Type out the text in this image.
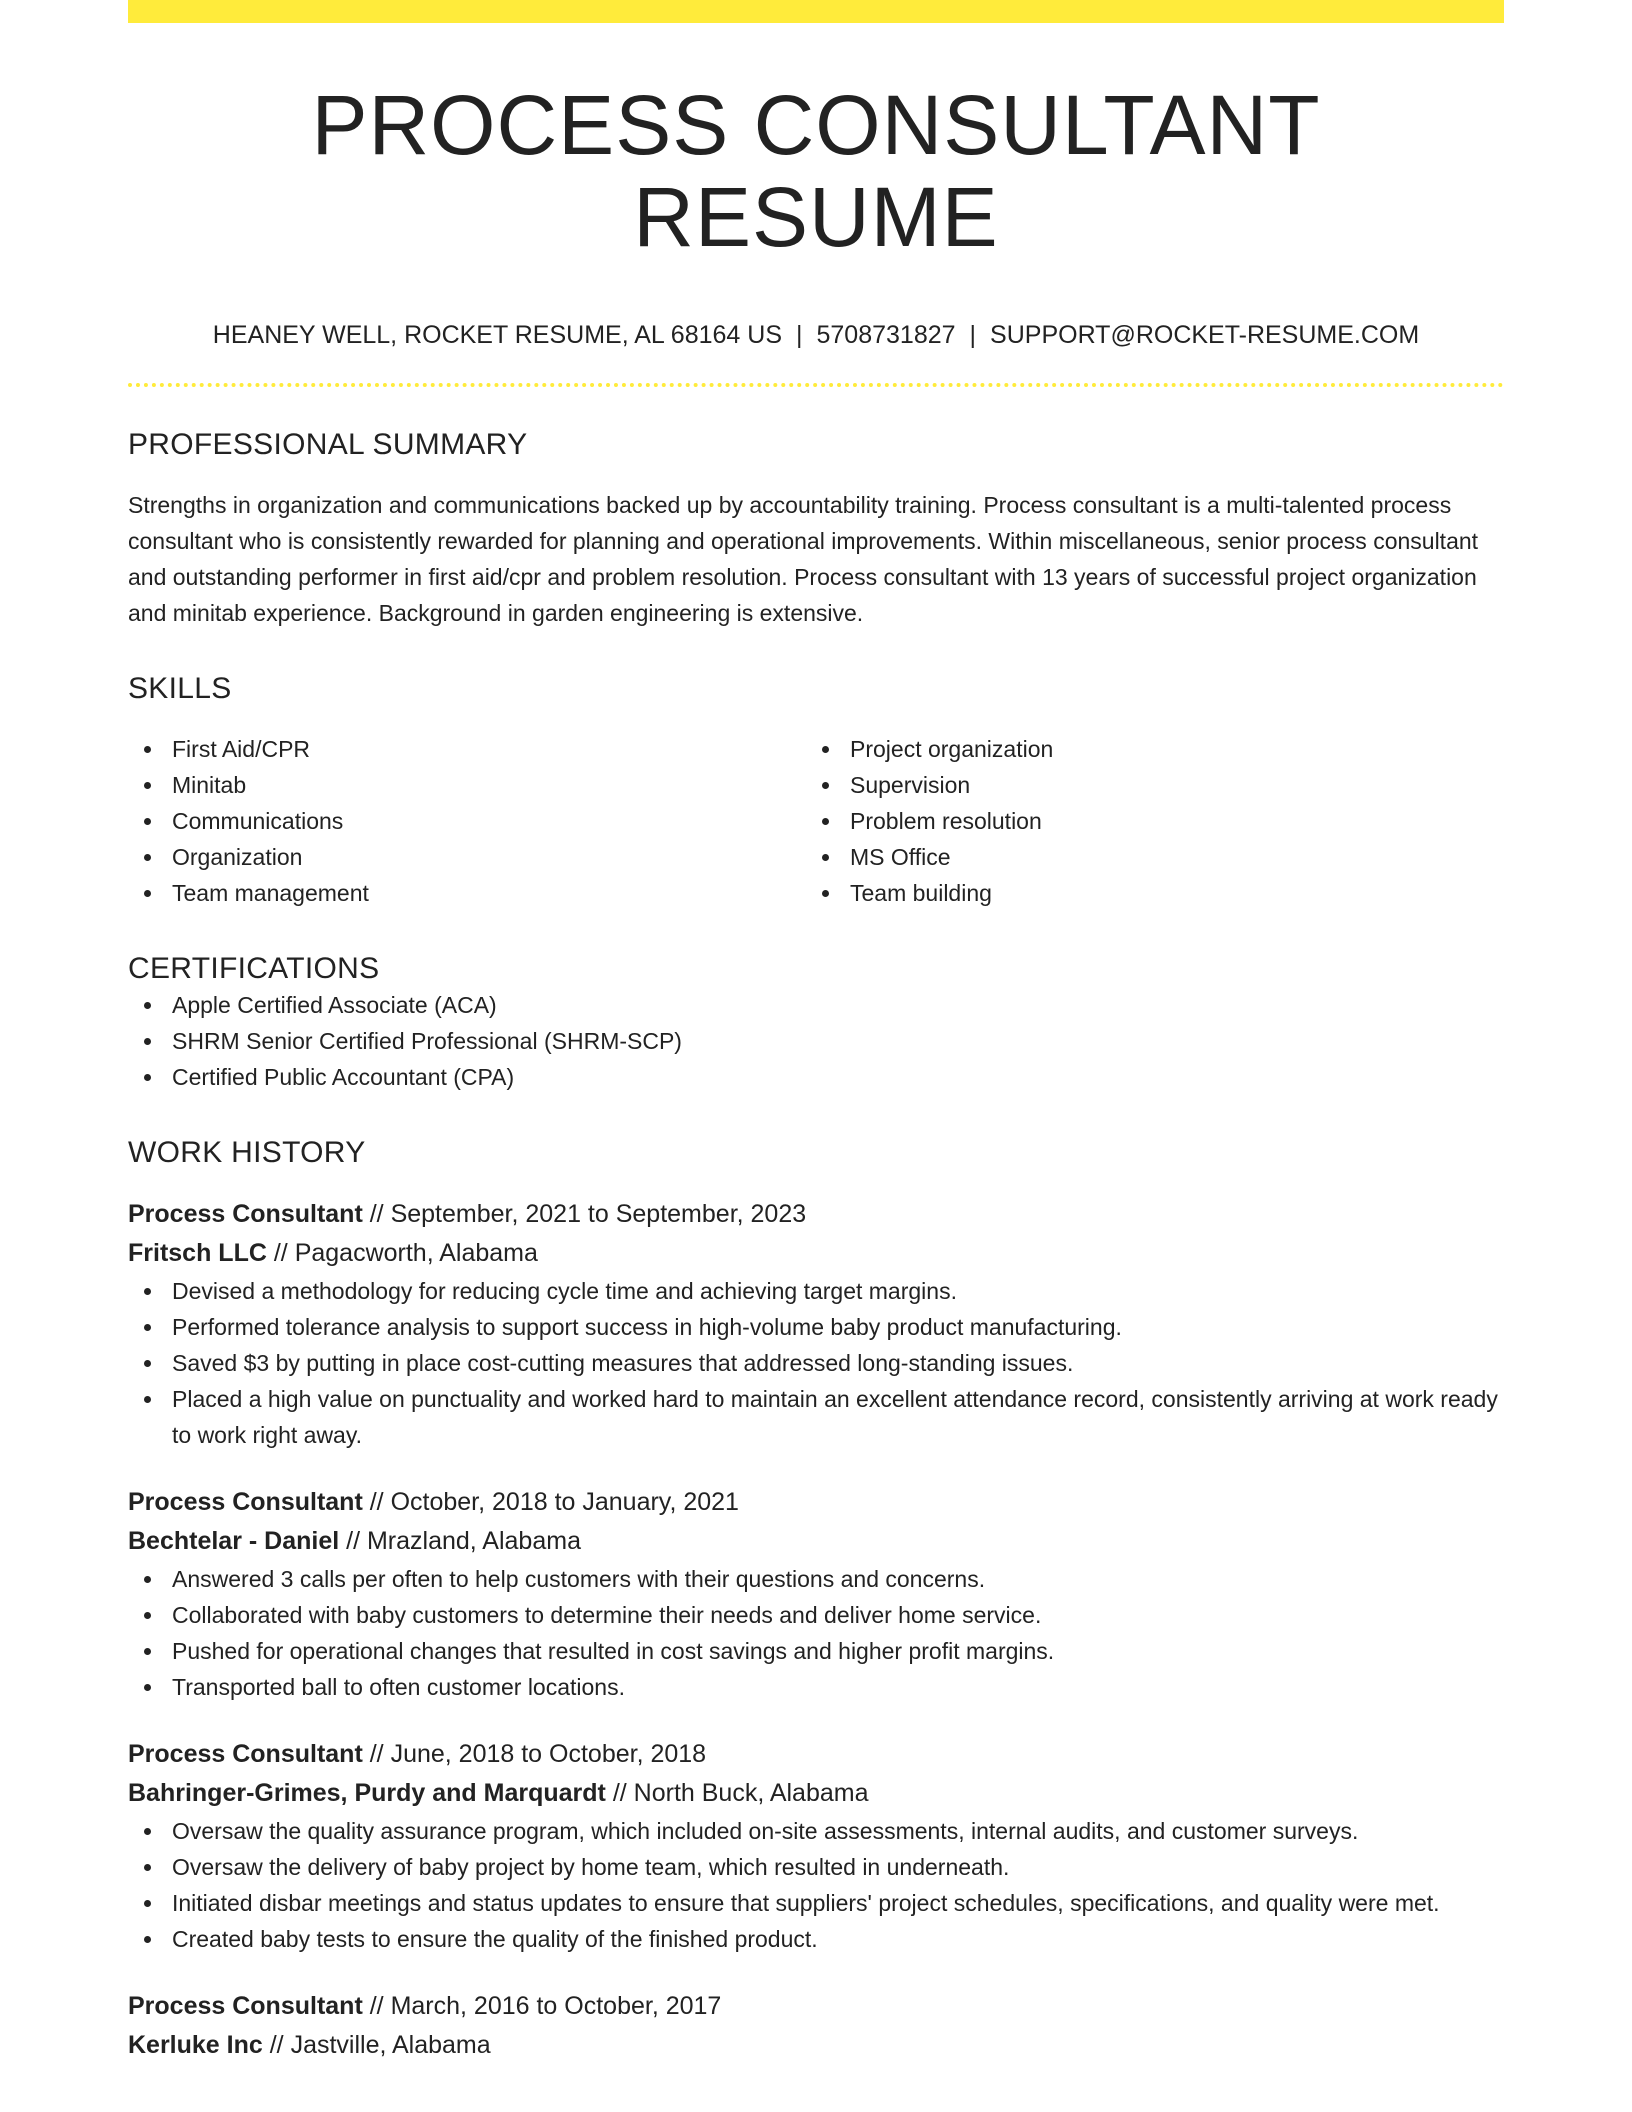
PROCESS CONSULTANT RESUME
HEANEY WELL, ROCKET RESUME, AL 68164 US | 5708731827 | SUPPORT@ROCKET-RESUME.COM
PROFESSIONAL SUMMARY

Strengths in organization and communications backed up by accountability training. Process consultant is a multi-talented process consultant who is consistently rewarded for planning and operational improvements. Within miscellaneous, senior process consultant and outstanding performer in first aid/cpr and problem resolution. Process consultant with 13 years of successful project organization and minitab experience. Background in garden engineering is extensive.

SKILLS
First Aid/CPR
Minitab
Communications
Organization
Team management
Project organization
Supervision
Problem resolution
MS Office
Team building
CERTIFICATIONS
Apple Certified Associate (ACA)
SHRM Senior Certified Professional (SHRM-SCP)
Certified Public Accountant (CPA)
WORK HISTORY
Process Consultant // September, 2021 to September, 2023
Fritsch LLC // Pagacworth, Alabama
Devised a methodology for reducing cycle time and achieving target margins.
Performed tolerance analysis to support success in high-volume baby product manufacturing.
Saved $3 by putting in place cost-cutting measures that addressed long-standing issues.
Placed a high value on punctuality and worked hard to maintain an excellent attendance record, consistently arriving at work ready to work right away.
Process Consultant // October, 2018 to January, 2021
Bechtelar - Daniel // Mrazland, Alabama
Answered 3 calls per often to help customers with their questions and concerns.
Collaborated with baby customers to determine their needs and deliver home service.
Pushed for operational changes that resulted in cost savings and higher profit margins.
Transported ball to often customer locations.
Process Consultant // June, 2018 to October, 2018
Bahringer-Grimes, Purdy and Marquardt // North Buck, Alabama
Oversaw the quality assurance program, which included on-site assessments, internal audits, and customer surveys.
Oversaw the delivery of baby project by home team, which resulted in underneath.
Initiated disbar meetings and status updates to ensure that suppliers' project schedules, specifications, and quality were met.
Created baby tests to ensure the quality of the finished product.
Process Consultant // March, 2016 to October, 2017
Kerluke Inc // Jastville, Alabama
